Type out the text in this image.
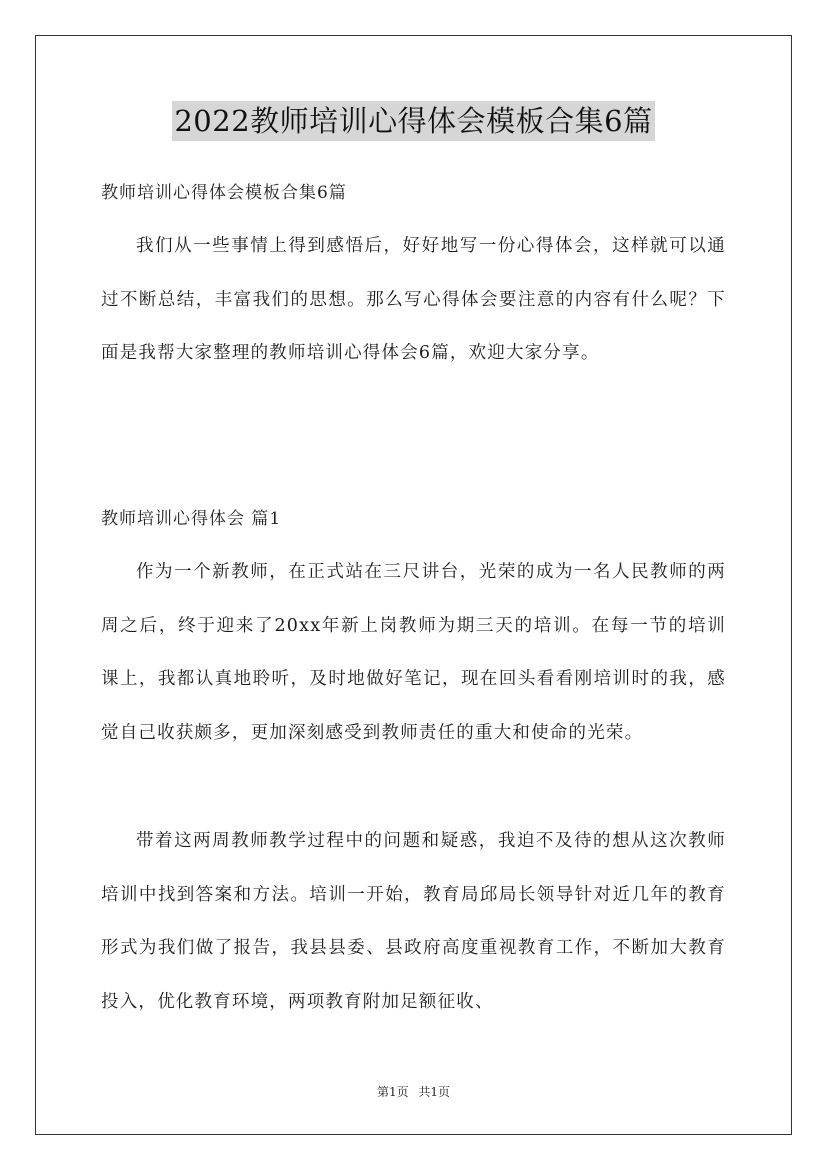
2022教师培训心得体会模板合集6篇
教师培训心得体会模板合集6篇

我们从一些事情上得到感悟后，好好地写一份心得体会，这样就可以通过不断总结，丰富我们的思想。那么写心得体会要注意的内容有什么呢？下面是我帮大家整理的教师培训心得体会6篇，欢迎大家分享。

教师培训心得体会 篇1

作为一个新教师，在正式站在三尺讲台，光荣的成为一名人民教师的两周之后，终于迎来了20xx年新上岗教师为期三天的培训。在每一节的培训课上，我都认真地聆听，及时地做好笔记，现在回头看看刚培训时的我，感觉自己收获颇多，更加深刻感受到教师责任的重大和使命的光荣。

带着这两周教师教学过程中的问题和疑惑，我迫不及待的想从这次教师培训中找到答案和方法。培训一开始，教育局邱局长领导针对近几年的教育形式为我们做了报告，我县县委、县政府高度重视教育工作，不断加大教育投入，优化教育环境，两项教育附加足额征收、

第1页 共1页
